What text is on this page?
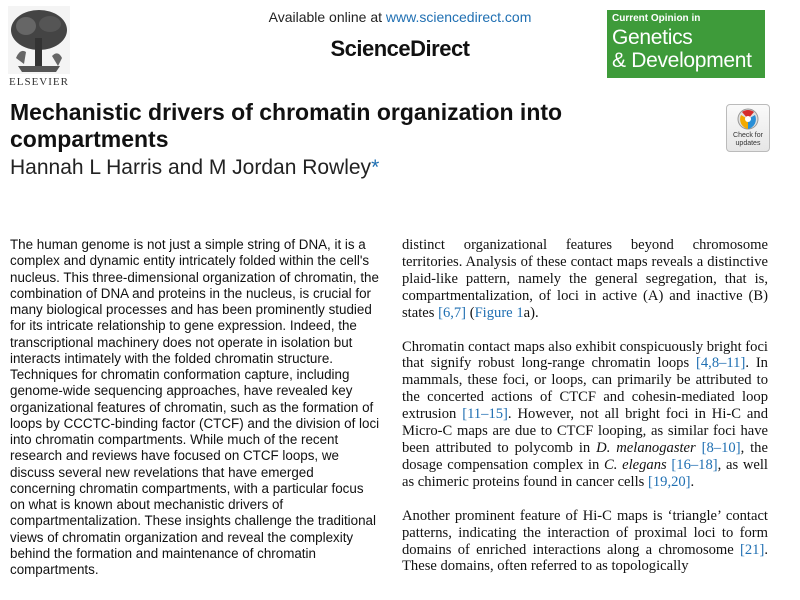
ELSEVIER
Available online at www.sciencedirect.com
ScienceDirect
Current Opinion in
Genetics
& Development
Mechanistic drivers of chromatin organization into compartments
Hannah L Harris and M Jordan Rowley*
Check for
updates
The human genome is not just a simple string of DNA, it is a complex and dynamic entity intricately folded within the cell's nucleus. This three-dimensional organization of chromatin, the combination of DNA and proteins in the nucleus, is crucial for many biological processes and has been prominently studied for its intricate relationship to gene expression. Indeed, the transcriptional machinery does not operate in isolation but interacts intimately with the folded chromatin structure. Techniques for chromatin conformation capture, including genome-wide sequencing approaches, have revealed key organizational features of chromatin, such as the formation of loops by CCCTC-binding factor (CTCF) and the division of loci into chromatin compartments. While much of the recent research and reviews have focused on CTCF loops, we discuss several new revelations that have emerged concerning chromatin compartments, with a particular focus on what is known about mechanistic drivers of compartmentalization. These insights challenge the traditional views of chromatin organization and reveal the complexity behind the formation and maintenance of chromatin compartments.

distinct organizational features beyond chromosome territories. Analysis of these contact maps reveals a distinctive plaid-like pattern, namely the general segregation, that is, compartmentalization, of loci in active (A) and inactive (B) states [6,7] (Figure 1a).

Chromatin contact maps also exhibit conspicuously bright foci that signify robust long-range chromatin loops [4,8–11]. In mammals, these foci, or loops, can primarily be attributed to the concerted actions of CTCF and cohesin-mediated loop extrusion [11–15]. However, not all bright foci in Hi-C and Micro-C maps are due to CTCF looping, as similar foci have been attributed to polycomb in D. melanogaster [8–10], the dosage compensation complex in C. elegans [16–18], as well as chimeric proteins found in cancer cells [19,20].

Another prominent feature of Hi-C maps is ‘triangle’ contact patterns, indicating the interaction of proximal loci to form domains of enriched interactions along a chromosome [21]. These domains, often referred to as topologically
